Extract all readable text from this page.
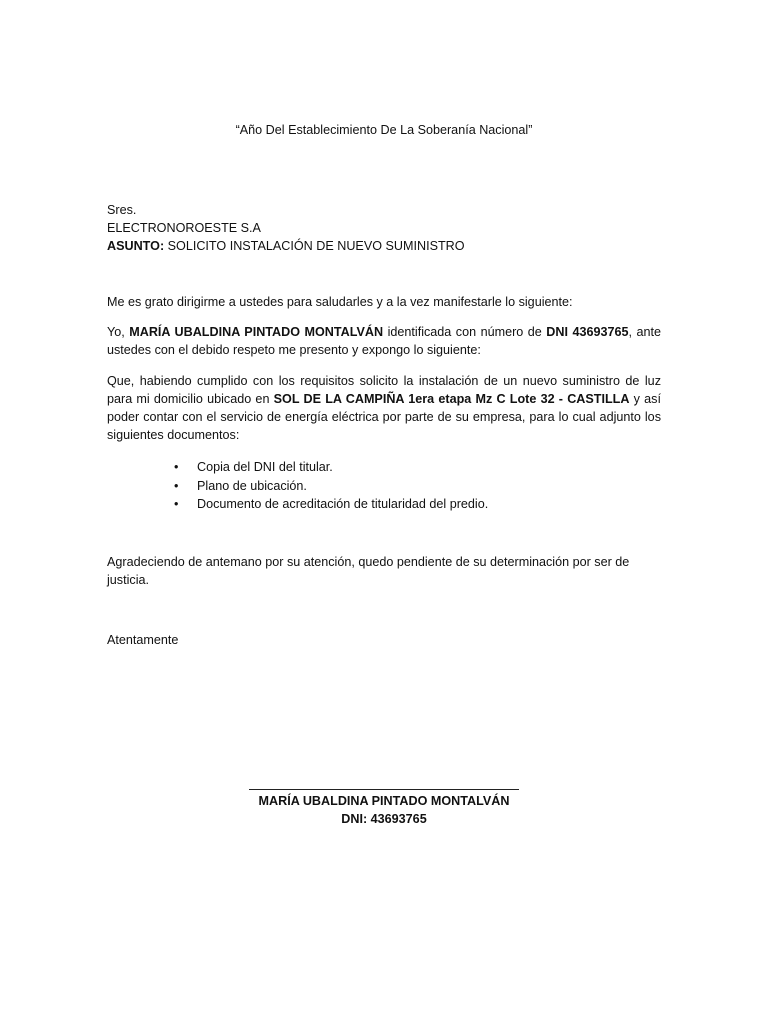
“Año Del Establecimiento De La Soberanía Nacional”
Sres.
ELECTRONOROESTE S.A
ASUNTO: SOLICITO INSTALACIÓN DE NUEVO SUMINISTRO
Me es grato dirigirme a ustedes para saludarles y a la vez manifestarle lo siguiente:
Yo, MARÍA UBALDINA PINTADO MONTALVÁN identificada con número de DNI 43693765, ante ustedes con el debido respeto me presento y expongo lo siguiente:
Que, habiendo cumplido con los requisitos solicito la instalación de un nuevo suministro de luz para mi domicilio ubicado en SOL DE LA CAMPIÑA 1era etapa Mz C Lote 32 - CASTILLA y así poder contar con el servicio de energía eléctrica por parte de su empresa, para lo cual adjunto los siguientes documentos:
• Copia del DNI del titular.
• Plano de ubicación.
• Documento de acreditación de titularidad del predio.
Agradeciendo de antemano por su atención, quedo pendiente de su determinación por ser de justicia.
Atentamente
MARÍA UBALDINA PINTADO MONTALVÁN
DNI: 43693765
